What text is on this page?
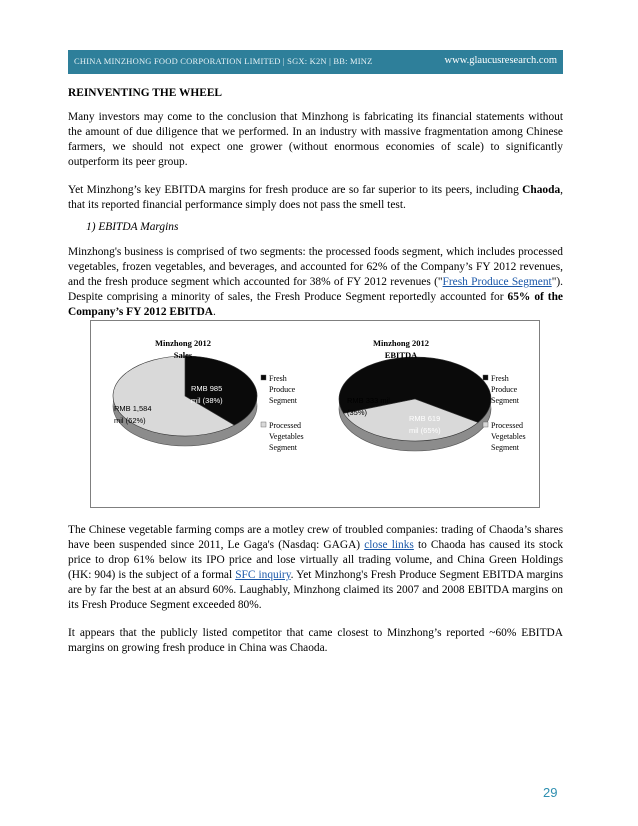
CHINA MINZHONG FOOD CORPORATION LIMITED | SGX: K2N | BB: MINZ	www.glaucusresearch.com
REINVENTING THE WHEEL

Many investors may come to the conclusion that Minzhong is fabricating its financial statements without the amount of due diligence that we performed. In an industry with massive fragmentation among Chinese farmers, we should not expect one grower (without enormous economies of scale) to significantly outperform its peer group.

Yet Minzhong’s key EBITDA margins for fresh produce are so far superior to its peers, including Chaoda, that its reported financial performance simply does not pass the smell test.

1) EBITDA Margins

Minzhong's business is comprised of two segments: the processed foods segment, which includes processed vegetables, frozen vegetables, and beverages, and accounted for 62% of the Company’s FY 2012 revenues, and the fresh produce segment which accounted for 38% of FY 2012 revenues ("Fresh Produce Segment"). Despite comprising a minority of sales, the Fresh Produce Segment reportedly accounted for 65% of the Company’s FY 2012 EBITDA.

Minzhong 2012
Sales
RMB 985
mil (38%)
RMB 1,584
mil (62%)
Fresh
Produce
Segment
Processed
Vegetables
Segment
Minzhong 2012
EBITDA
RMB 619
mil (65%)
RMB 333 mil
(35%)
Fresh
Produce
Segment
Processed
Vegetables
Segment

The Chinese vegetable farming comps are a motley crew of troubled companies: trading of Chaoda’s shares have been suspended since 2011, Le Gaga's (Nasdaq: GAGA) close links to Chaoda has caused its stock price to drop 61% below its IPO price and lose virtually all trading volume, and China Green Holdings (HK: 904) is the subject of a formal SFC inquiry. Yet Minzhong's Fresh Produce Segment EBITDA margins are by far the best at an absurd 60%. Laughably, Minzhong claimed its 2007 and 2008 EBITDA margins on its Fresh Produce Segment exceeded 80%.

It appears that the publicly listed competitor that came closest to Minzhong’s reported ~60% EBITDA margins on growing fresh produce in China was Chaoda.

29
